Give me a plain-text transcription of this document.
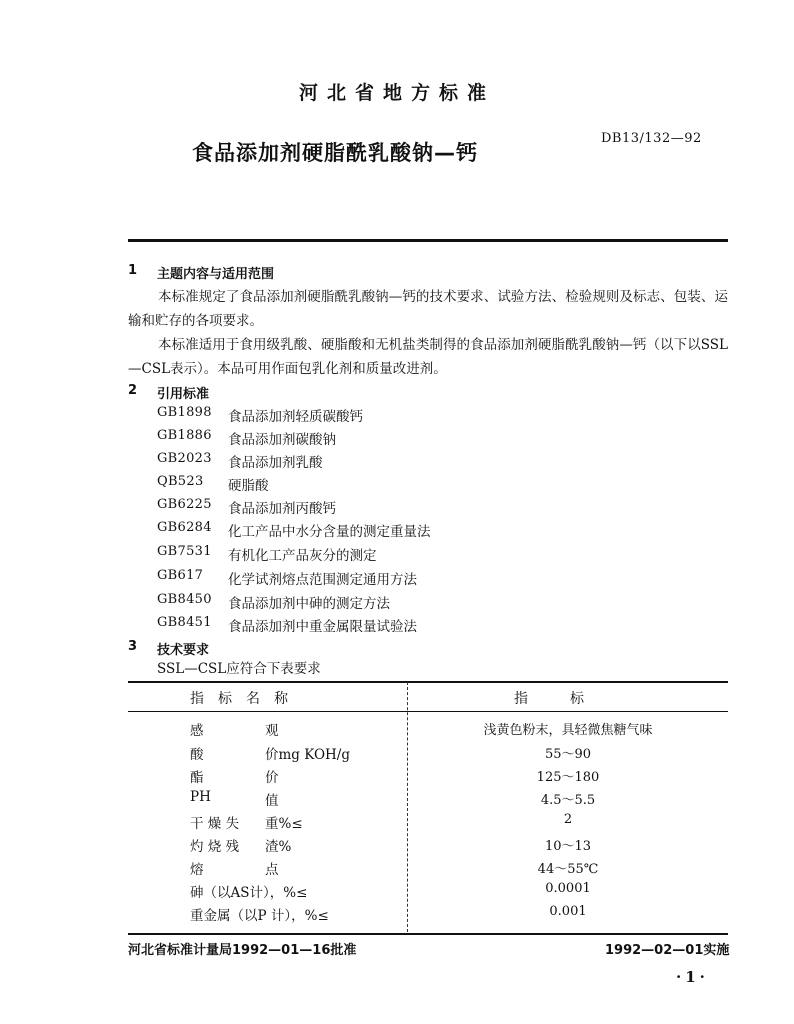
河北省地方标准
食品添加剂硬脂酰乳酸钠—钙
DB13/132—92
1 主题内容与适用范围
本标准规定了食品添加剂硬脂酰乳酸钠—钙的技术要求、试验方法、检验规则及标志、包装、运输和贮存的各项要求。
本标准适用于食用级乳酸、硬脂酸和无机盐类制得的食品添加剂硬脂酰乳酸钠—钙（以下以SSL—CSL表示）。本品可用作面包乳化剂和质量改进剂。
2 引用标准
GB1898 食品添加剂轻质碳酸钙
GB1886 食品添加剂碳酸钠
GB2023 食品添加剂乳酸
QB523 硬脂酸
GB6225 食品添加剂丙酸钙
GB6284 化工产品中水分含量的测定重量法
GB7531 有机化工产品灰分的测定
GB617 化学试剂熔点范围测定通用方法
GB8450 食品添加剂中砷的测定方法
GB8451 食品添加剂中重金属限量试验法
3 技术要求
SSL—CSL应符合下表要求
指　标　名　称	指　　　标
感	观	浅黄色粉末，具轻微焦糖气味
酸	价mg KOH/g	55～90
酯	价	125～180
PH	值	4.5～5.5
干 燥 失 重%≤	2
灼 烧 残 渣%	10～13
熔	点	44～55℃
砷（以AS计），%≤	0.0001
重金属（以P 计），%≤	0.001
河北省标准计量局1992—01—16批准	1992—02—01实施
·1·
